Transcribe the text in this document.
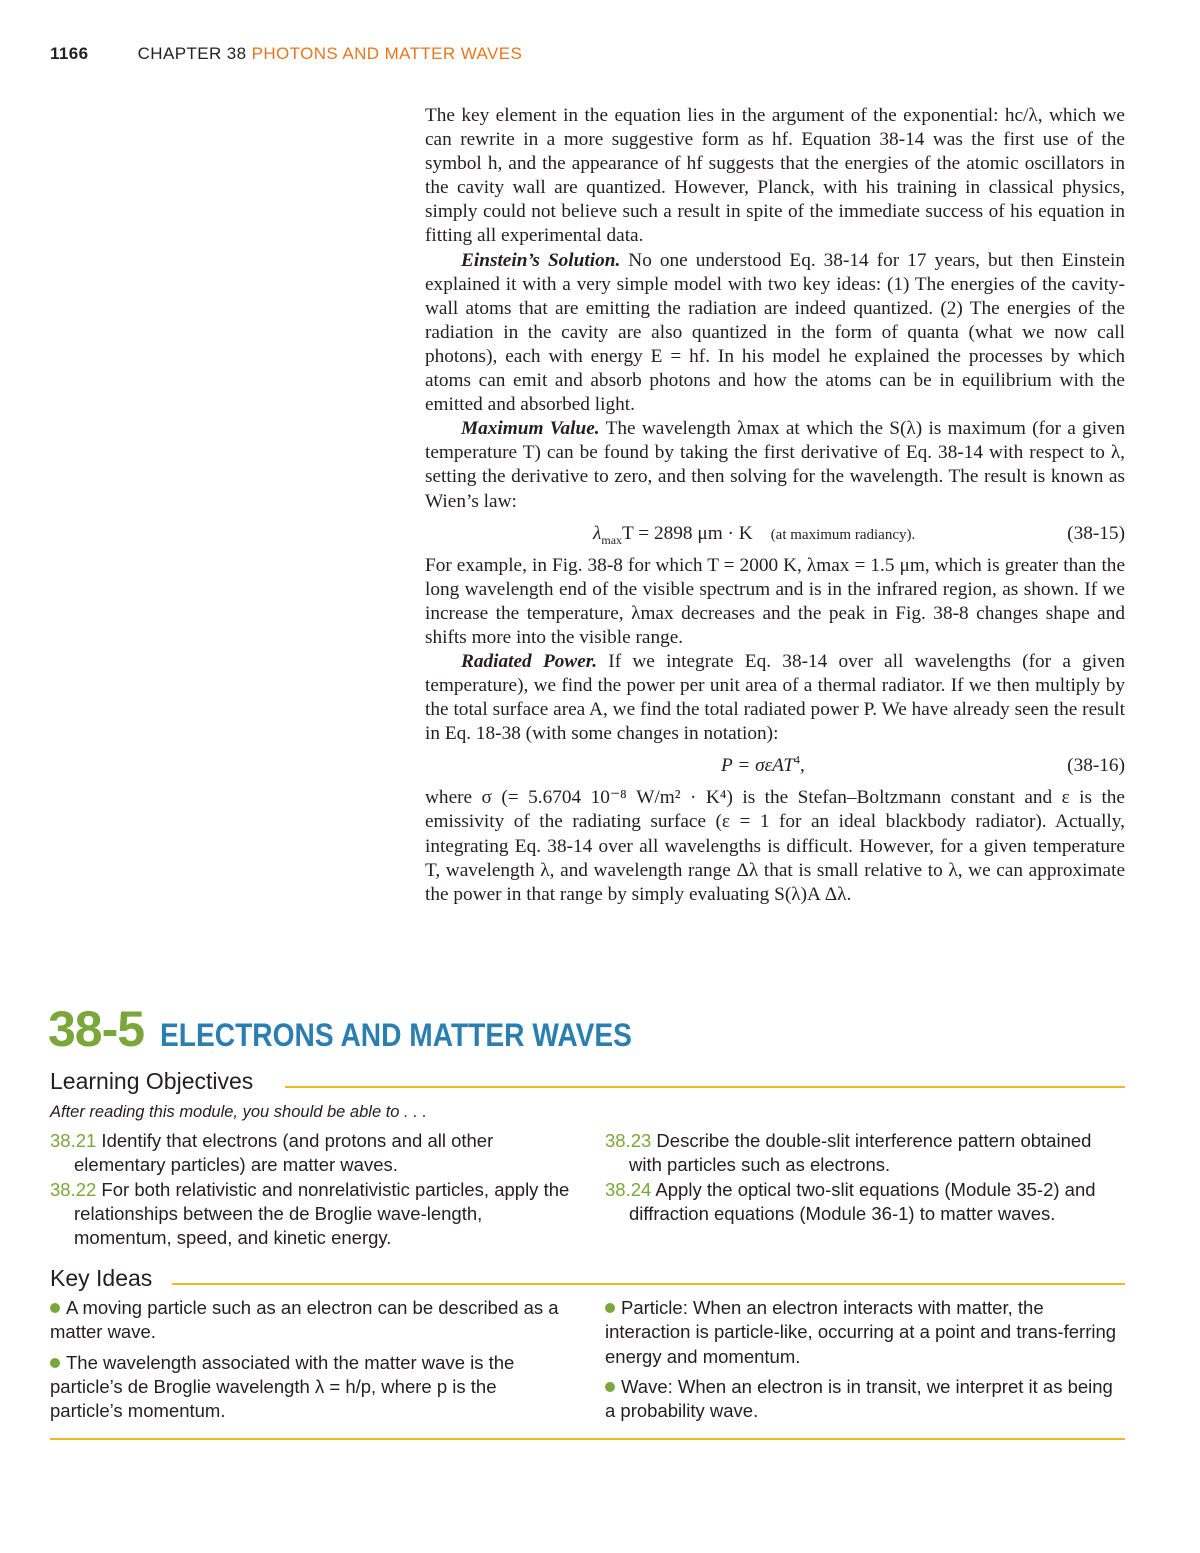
1166	CHAPTER 38 PHOTONS AND MATTER WAVES

The key element in the equation lies in the argument of the exponential: hc/λ, which we can rewrite in a more suggestive form as hf. Equation 38-14 was the first use of the symbol h, and the appearance of hf suggests that the energies of the atomic oscillators in the cavity wall are quantized. However, Planck, with his training in classical physics, simply could not believe such a result in spite of the immediate success of his equation in fitting all experimental data.

Einstein’s Solution. No one understood Eq. 38-14 for 17 years, but then Einstein explained it with a very simple model with two key ideas: (1) The energies of the cavity-wall atoms that are emitting the radiation are indeed quantized. (2) The energies of the radiation in the cavity are also quantized in the form of quanta (what we now call photons), each with energy E = hf. In his model he explained the processes by which atoms can emit and absorb photons and how the atoms can be in equilibrium with the emitted and absorbed light.

Maximum Value. The wavelength λmax at which the S(λ) is maximum (for a given temperature T) can be found by taking the first derivative of Eq. 38-14 with respect to λ, setting the derivative to zero, and then solving for the wavelength. The result is known as Wien’s law:

$\lambda_{max}T = 2898$ μm · K (at maximum radiancy).	(38-15)

For example, in Fig. 38-8 for which T = 2000 K, λmax = 1.5 μm, which is greater than the long wavelength end of the visible spectrum and is in the infrared region, as shown. If we increase the temperature, λmax decreases and the peak in Fig. 38-8 changes shape and shifts more into the visible range.

Radiated Power. If we integrate Eq. 38-14 over all wavelengths (for a given temperature), we find the power per unit area of a thermal radiator. If we then multiply by the total surface area A, we find the total radiated power P. We have already seen the result in Eq. 18-38 (with some changes in notation):

P = σεAT$^4$,	(38-16)

where σ (= 5.6704 10⁻⁸ W/m² · K⁴) is the Stefan–Boltzmann constant and ε is the emissivity of the radiating surface (ε = 1 for an ideal blackbody radiator). Actually, integrating Eq. 38-14 over all wavelengths is difficult. However, for a given temperature T, wavelength λ, and wavelength range Δλ that is small relative to λ, we can approximate the power in that range by simply evaluating S(λ)A Δλ.

38-5 ELECTRONS AND MATTER WAVES
Learning Objectives
After reading this module, you should be able to . . .

38.21 Identify that electrons (and protons and all other elementary particles) are matter waves.

38.22 For both relativistic and nonrelativistic particles, apply the relationships between the de Broglie wave-length, momentum, speed, and kinetic energy.

38.23 Describe the double-slit interference pattern obtained with particles such as electrons.

38.24 Apply the optical two-slit equations (Module 35-2) and diffraction equations (Module 36-1) to matter waves.

Key Ideas

A moving particle such as an electron can be described as a matter wave.

The wavelength associated with the matter wave is the particle’s de Broglie wavelength λ = h/p, where p is the particle’s momentum.

Particle: When an electron interacts with matter, the interaction is particle-like, occurring at a point and trans-ferring energy and momentum.

Wave: When an electron is in transit, we interpret it as being a probability wave.
